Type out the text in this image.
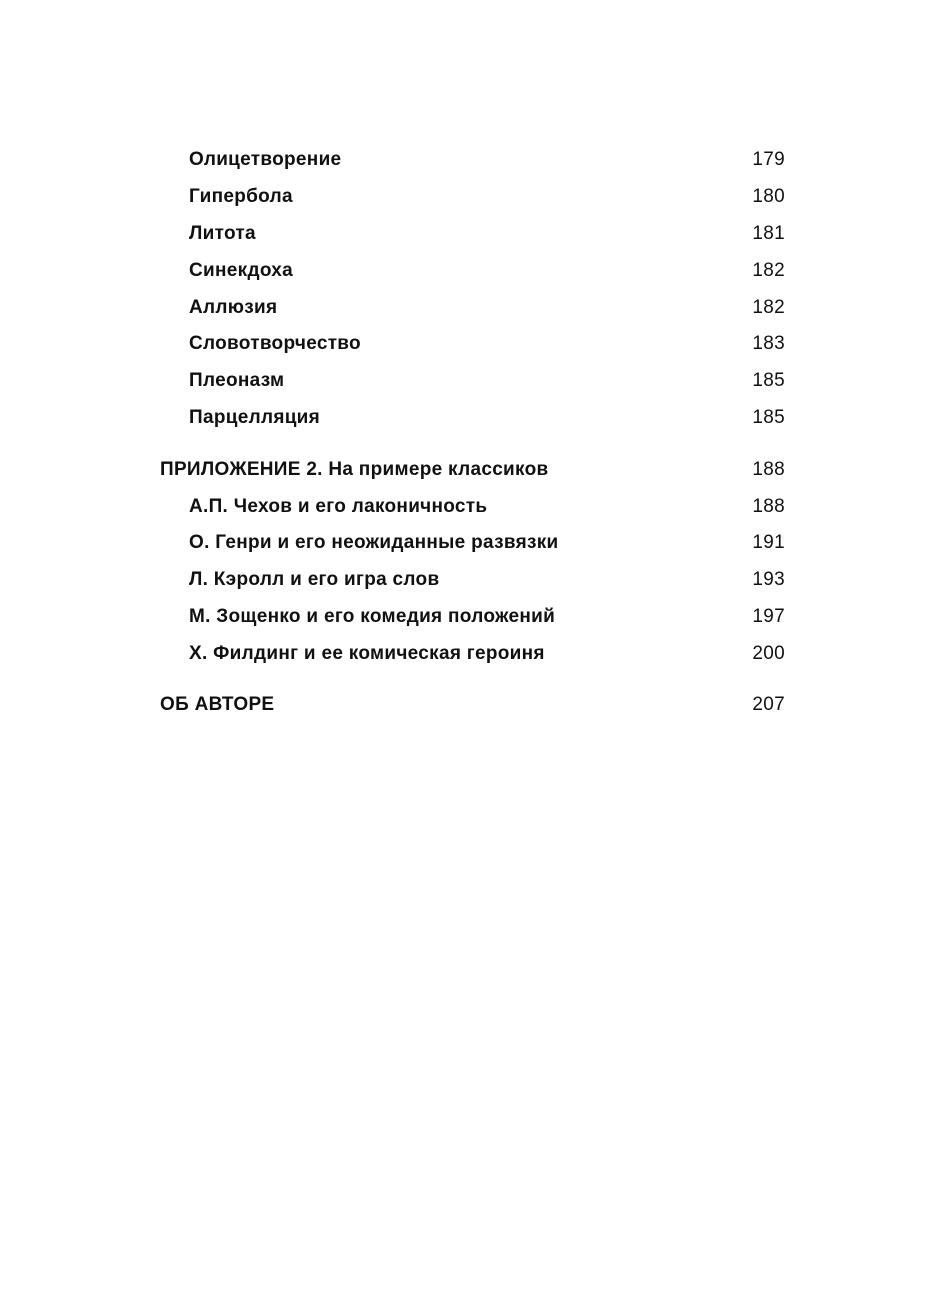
Олицетворение	179
Гипербола	180
Литота	181
Синекдоха	182
Аллюзия	182
Словотворчество	183
Плеоназм	185
Парцелляция	185
ПРИЛОЖЕНИЕ 2. На примере классиков	188
А.П. Чехов и его лаконичность	188
О. Генри и его неожиданные развязки	191
Л. Кэролл и его игра слов	193
М. Зощенко и его комедия положений	197
Х. Филдинг и ее комическая героиня	200
ОБ АВТОРЕ	207
